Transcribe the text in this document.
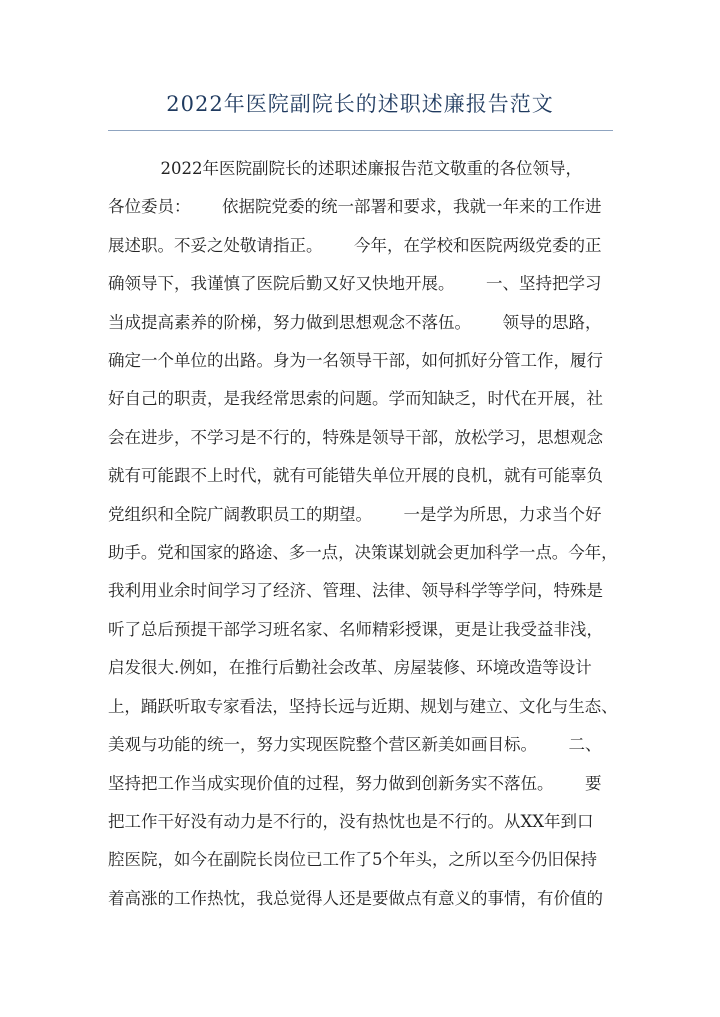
2022年医院副院长的述职述廉报告范文
2022年医院副院长的述职述廉报告范文敬重的各位领导，
各位委员：      依据院党委的统一部署和要求，我就一年来的工作进
展述职。不妥之处敬请指正。      今年，在学校和医院两级党委的正
确领导下，我谨慎了医院后勤又好又快地开展。      一、坚持把学习
当成提高素养的阶梯，努力做到思想观念不落伍。      领导的思路，
确定一个单位的出路。身为一名领导干部，如何抓好分管工作，履行
好自己的职责，是我经常思索的问题。学而知缺乏，时代在开展，社
会在进步，不学习是不行的，特殊是领导干部，放松学习，思想观念
就有可能跟不上时代，就有可能错失单位开展的良机，就有可能辜负
党组织和全院广阔教职员工的期望。      一是学为所思，力求当个好
助手。党和国家的路途、多一点，决策谋划就会更加科学一点。今年，
我利用业余时间学习了经济、管理、法律、领导科学等学问，特殊是
听了总后预提干部学习班名家、名师精彩授课，更是让我受益非浅，
启发很大.例如，在推行后勤社会改革、房屋装修、环境改造等设计
上，踊跃听取专家看法，坚持长远与近期、规划与建立、文化与生态、
美观与功能的统一，努力实现医院整个营区新美如画目标。      二、
坚持把工作当成实现价值的过程，努力做到创新务实不落伍。      要
把工作干好没有动力是不行的，没有热忱也是不行的。从XX年到口
腔医院，如今在副院长岗位已工作了5个年头，之所以至今仍旧保持
着高涨的工作热忱，我总觉得人还是要做点有意义的事情，有价值的
